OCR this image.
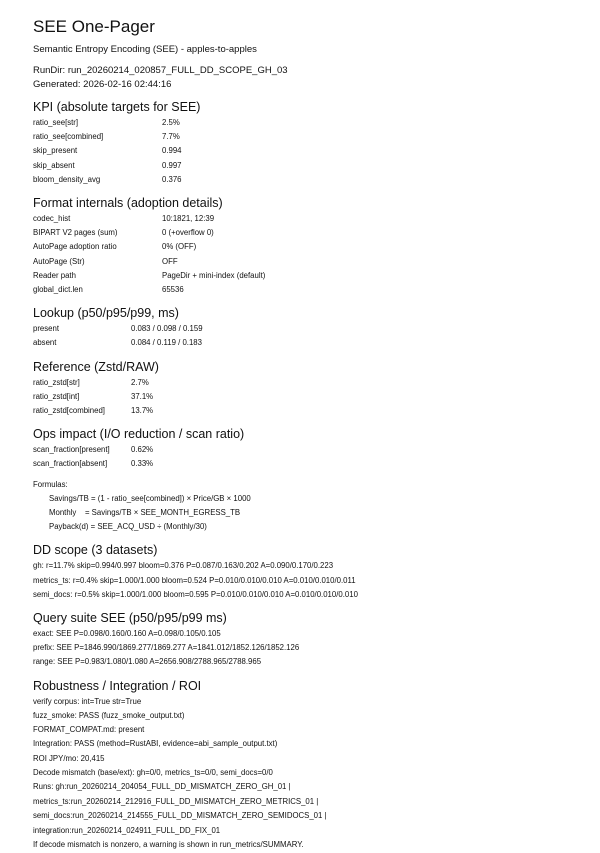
SEE One-Pager
Semantic Entropy Encoding (SEE) - apples-to-apples
RunDir: run_20260214_020857_FULL_DD_SCOPE_GH_03
Generated: 2026-02-16 02:44:16
KPI (absolute targets for SEE)
ratio_see[str]	2.5%
ratio_see[combined]	7.7%
skip_present	0.994
skip_absent	0.997
bloom_density_avg	0.376
Format internals (adoption details)
codec_hist	10:1821, 12:39
BIPART V2 pages (sum)	0 (+overflow 0)
AutoPage adoption ratio	0% (OFF)
AutoPage (Str)	OFF
Reader path	PageDir + mini-index (default)
global_dict.len	65536
Lookup (p50/p95/p99, ms)
present	0.083 / 0.098 / 0.159
absent	0.084 / 0.119 / 0.183
Reference (Zstd/RAW)
ratio_zstd[str]	2.7%
ratio_zstd[int]	37.1%
ratio_zstd[combined]	13.7%
Ops impact (I/O reduction / scan ratio)
scan_fraction[present]	0.62%
scan_fraction[absent]	0.33%
Formulas:
Savings/TB = (1 - ratio_see[combined]) × Price/GB × 1000
Monthly    = Savings/TB × SEE_MONTH_EGRESS_TB
Payback(d) = SEE_ACQ_USD ÷ (Monthly/30)
DD scope (3 datasets)
gh: r=11.7% skip=0.994/0.997 bloom=0.376 P=0.087/0.163/0.202 A=0.090/0.170/0.223
metrics_ts: r=0.4% skip=1.000/1.000 bloom=0.524 P=0.010/0.010/0.010 A=0.010/0.010/0.011
semi_docs: r=0.5% skip=1.000/1.000 bloom=0.595 P=0.010/0.010/0.010 A=0.010/0.010/0.010
Query suite SEE (p50/p95/p99 ms)
exact: SEE P=0.098/0.160/0.160 A=0.098/0.105/0.105
prefix: SEE P=1846.990/1869.277/1869.277 A=1841.012/1852.126/1852.126
range: SEE P=0.983/1.080/1.080 A=2656.908/2788.965/2788.965
Robustness / Integration / ROI
verify corpus: int=True str=True
fuzz_smoke: PASS (fuzz_smoke_output.txt)
FORMAT_COMPAT.md: present
Integration: PASS (method=RustABI, evidence=abi_sample_output.txt)
ROI JPY/mo: 20,415
Decode mismatch (base/ext): gh=0/0, metrics_ts=0/0, semi_docs=0/0
Runs: gh:run_20260214_204054_FULL_DD_MISMATCH_ZERO_GH_01 |
metrics_ts:run_20260214_212916_FULL_DD_MISMATCH_ZERO_METRICS_01 |
semi_docs:run_20260214_214555_FULL_DD_MISMATCH_ZERO_SEMIDOCS_01 |
integration:run_20260214_024911_FULL_DD_FIX_01
If decode mismatch is nonzero, a warning is shown in run_metrics/SUMMARY.
